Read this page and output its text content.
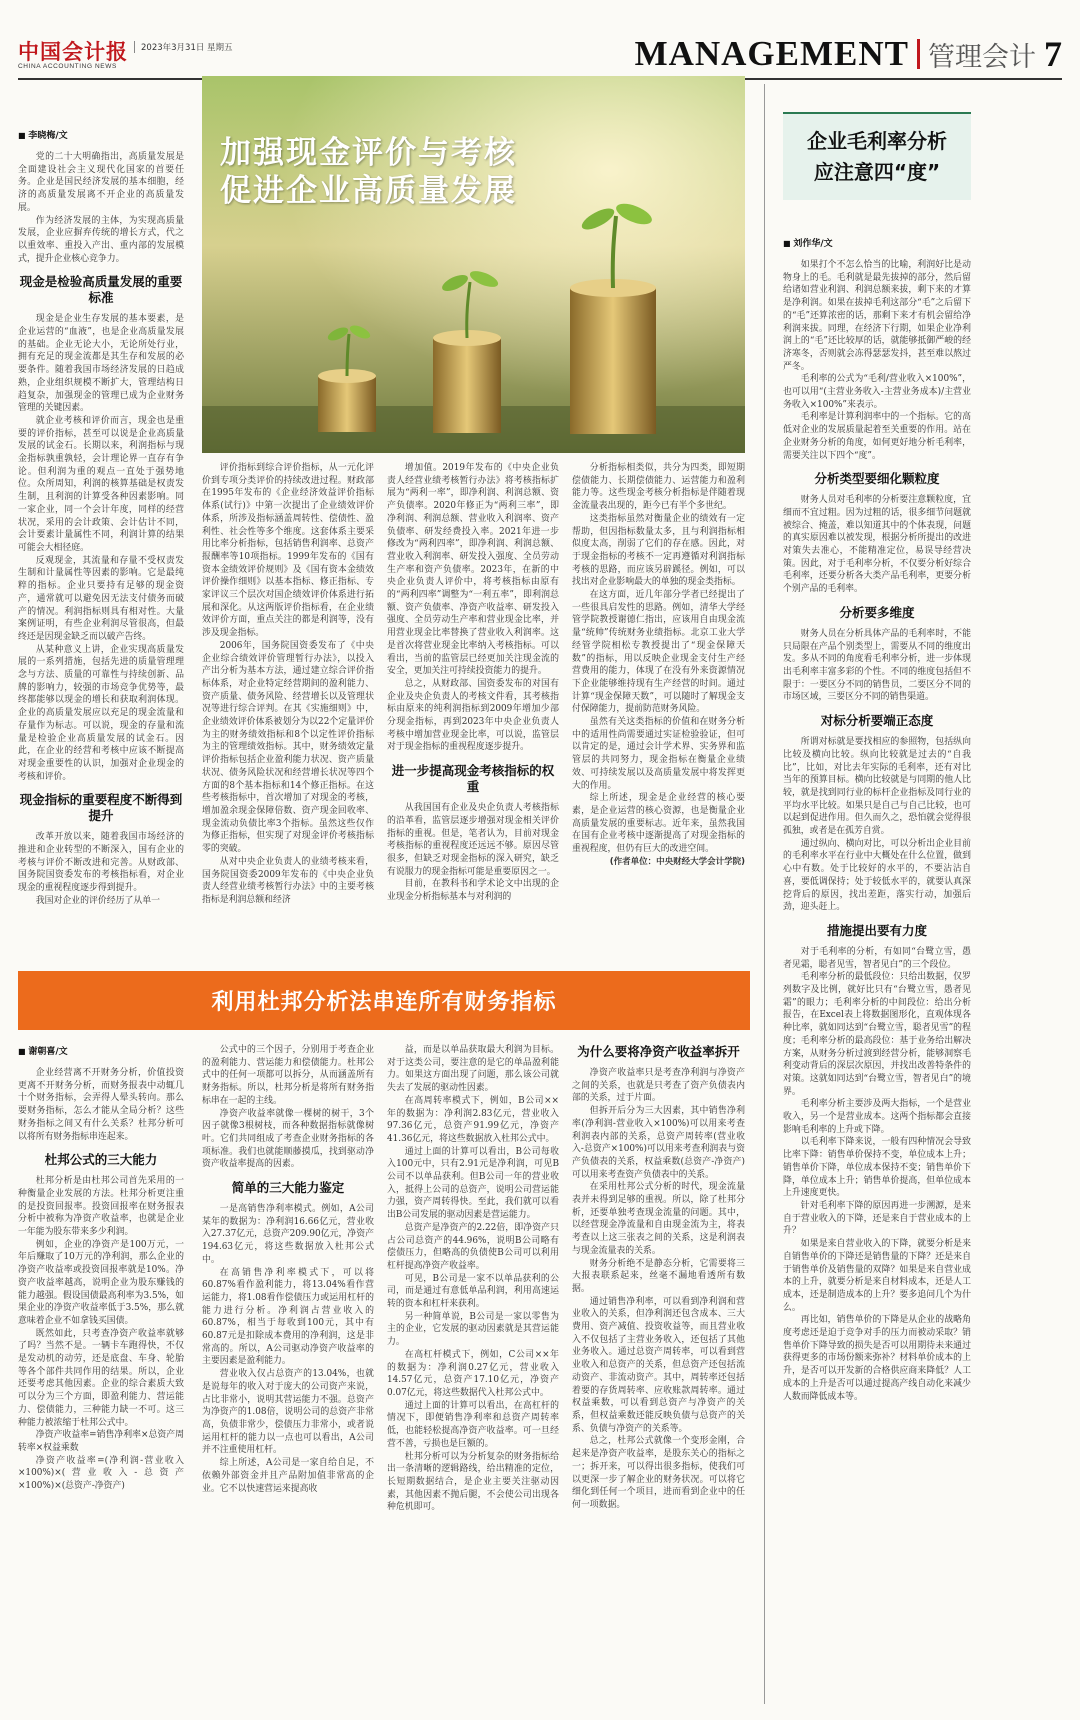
中国会计报
CHINA ACCOUNTING NEWS
2023年3月31日 星期五	MANAGEMENT 管理会计 7
加强现金评价与考核
促进企业高质量发展
■ 李晓梅/文

党的二十大明确指出，高质量发展是全面建设社会主义现代化国家的首要任务。企业是国民经济发展的基本细胞，经济的高质量发展离不开企业的高质量发展。

作为经济发展的主体，为实现高质量发展，企业应摒弃传统的增长方式，代之以重效率、重投入产出、重内部的发展模式，提升企业核心竞争力。

现金是检验高质量发展的重要标准

现金是企业生存发展的基本要素，是企业运营的“血液”，也是企业高质量发展的基础。企业无论大小，无论所处行业，拥有充足的现金流都是其生存和发展的必要条件。随着我国市场经济发展的日趋成熟，企业组织规模不断扩大，管理结构日趋复杂，加强现金的管理已成为企业财务管理的关键因素。

就企业考核和评价而言，现金也是重要的评价指标，甚至可以说是企业高质量发展的试金石。长期以来，利润指标与现金指标孰重孰轻，会计理论界一直存有争论。但利润为重的观点一直处于强势地位。众所周知，利润的核算基础是权责发生制，且利润的计算受各种因素影响。同一家企业，同一个会计年度，同样的经营状况，采用的会计政策、会计估计不同，会计要素计量属性不同，利润计算的结果可能会大相径庭。

反观现金，其流量和存量不受权责发生制和计量属性等因素的影响。它是最纯粹的指标。企业只要持有足够的现金资产，通常就可以避免因无法支付债务而破产的情况。利润指标则具有相对性。大量案例证明，有些企业利润尽管很高，但最终还是因现金缺乏而以破产告终。

从某种意义上讲，企业实现高质量发展的一系列措施，包括先进的质量管理理念与方法、质量的可靠性与持续创新、品牌的影响力，较强的市场竞争优势等，最终都能够以现金的增长和获取利润体现。企业的高质量发展应以充足的现金流量和存量作为标志。可以说，现金的存量和流量是检验企业高质量发展的试金石。因此，在企业的经营和考核中应该不断提高对现金重要性的认识，加强对企业现金的考核和评价。

现金指标的重要程度不断得到提升

改革开放以来，随着我国市场经济的推进和企业转型的不断深入，国有企业的考核与评价不断改进和完善。从财政部、国务院国资委发布的考核指标看，对企业现金的重视程度逐步得到提升。

我国对企业的评价经历了从单一

评价指标到综合评价指标，从一元化评价到专项分类评价的持续改进过程。财政部在1995年发布的《企业经济效益评价指标体系(试行)》中第一次提出了企业绩效评价体系，所涉及指标涵盖周转性、偿债性、盈利性、社会性等多个维度。这套体系主要采用比率分析指标，包括销售利润率、总资产报酬率等10项指标。1999年发布的《国有资本金绩效评价规则》及《国有资本金绩效评价操作细则》以基本指标、修正指标、专家评议三个层次对国企绩效评价体系进行拓展和深化。从这两版评价指标看，在企业绩效评价方面，重点关注的都是利润等，没有涉及现金指标。

2006年，国务院国资委发布了《中央企业综合绩效评价管理暂行办法》，以投入产出分析为基本方法，通过建立综合评价指标体系，对企业特定经营期间的盈利能力、资产质量、债务风险、经营增长以及管理状况等进行综合评判。在其《实施细则》中，企业绩效评价体系被划分为以22个定量评价为主的财务绩效指标和8个以定性评价指标为主的管理绩效指标。其中，财务绩效定量评价指标包括企业盈利能力状况、资产质量状况、债务风险状况和经营增长状况等四个方面的8个基本指标和14个修正指标。在这些考核指标中，首次增加了对现金的考核，增加盈余现金保障倍数、资产现金回收率、现金流动负债比率3个指标。虽然这些仅作为修正指标，但实现了对现金评价考核指标零的突破。

从对中央企业负责人的业绩考核来看，国务院国资委2009年发布的《中央企业负责人经营业绩考核暂行办法》中的主要考核指标是利润总额和经济

增加值。2019年发布的《中央企业负责人经营业绩考核暂行办法》将考核指标扩展为“两利一率”，即净利润、利润总额、资产负债率。2020年修正为“两利三率”，即净利润、利润总额、营业收入利润率、资产负债率、研发经费投入率。2021年进一步修改为“两利四率”，即净利润、利润总额、营业收入利润率、研发投入强度、全员劳动生产率和资产负债率。2023年，在新的中央企业负责人评价中，将考核指标由原有的“两利四率”调整为“一利五率”，即利润总额、资产负债率、净资产收益率、研发投入强度、全员劳动生产率和营业现金比率，并用营业现金比率替换了营业收入利润率。这是首次将营业现金比率纳入考核指标。可以看出，当前的监管层已经更加关注现金流的安全，更加关注可持续投资能力的提升。

总之，从财政部、国资委发布的对国有企业及央企负责人的考核文件看，其考核指标由原来的纯利润指标到2009年增加少部分现金指标，再到2023年中央企业负责人考核中增加营业现金比率，可以说，监管层对于现金指标的重视程度逐步提升。

进一步提高现金考核指标的权重

从我国国有企业及央企负责人考核指标的沿革看，监管层逐步增强对现金相关评价指标的重视。但是，笔者认为，目前对现金考核指标的重视程度还远远不够。原因尽管很多，但缺乏对现金指标的深入研究，缺乏有说服力的现金指标可能是重要原因之一。

目前，在教科书和学术论文中出现的企业现金分析指标基本与对利润的

分析指标相类似，共分为四类，即短期偿债能力、长期偿债能力、运营能力和盈利能力等。这些现金考核分析指标是伴随着现金流量表出现的，距今已有半个多世纪。

这类指标虽然对衡量企业的绩效有一定帮助，但因指标数量太多，且与利润指标相似度太高，削弱了它们的存在感。因此，对于现金指标的考核不一定再遵循对利润指标考核的思路，而应该另辟蹊径。例如，可以找出对企业影响最大的单独的现金类指标。

在这方面，近几年部分学者已经提出了一些很具启发性的思路。例如，清华大学经管学院教授谢德仁指出，应该用自由现金流量“统帅”传统财务业绩指标。北京工业大学经管学院相松专教授提出了“现金保障天数”的指标，用以反映企业现金支付生产经营费用的能力，体现了在没有外来资源情况下企业能够维持现有生产经营的时间。通过计算“现金保障天数”，可以随时了解现金支付保障能力，提前防范财务风险。

虽然有关这类指标的价值和在财务分析中的适用性尚需要通过实证检验验证，但可以肯定的是，通过会计学术界、实务界和监管层的共同努力，现金指标在衡量企业绩效、可持续发展以及高质量发展中将发挥更大的作用。

综上所述，现金是企业经营的核心要素，是企业运营的核心资源，也是衡量企业高质量发展的重要标志。近年来，虽然我国在国有企业考核中逐渐提高了对现金指标的重视程度，但仍有巨大的改进空间。

(作者单位：中央财经大学会计学院)

企业毛利率分析
应注意四“度”
■ 刘作华/文

如果打个不怎么恰当的比喻，利润好比是动物身上的毛。毛利就是最先拔掉的部分，然后留给诸如营业利润、利润总额来拔，剩下来的才算是净利润。如果在拔掉毛利这部分“毛”之后留下的“毛”还算浓密的话，那剩下来才有机会留给净利润来拔。同理，在经济下行期，如果企业净利润上的“毛”还比较厚的话，就能够抵御严峻的经济寒冬，否则就会冻得瑟瑟发抖，甚至难以熬过严冬。

毛利率的公式为“毛利/营业收入×100%”，也可以用“(主营业务收入-主营业务成本)/主营业务收入×100%”来表示。

毛利率是计算利润率中的一个指标。它的高低对企业的发展质量起着至关重要的作用。站在企业财务分析的角度，如何更好地分析毛利率，需要关注以下四个“度”。

分析类型要细化颗粒度

财务人员对毛利率的分析要注意颗粒度，宜细而不宜过粗。因为过粗的话，很多细节问题就被综合、掩盖，难以知道其中的个体表现，问题的真实原因难以被发现，根据分析所提出的改进对策失去准心，不能精准定位，易误导经营决策。因此，对于毛利率分析，不仅要分析好综合毛利率，还要分析各大类产品毛利率，更要分析个别产品的毛利率。

分析要多维度

财务人员在分析具体产品的毛利率时，不能只局限在产品个别类型上，需要从不同的维度出发。多从不同的角度看毛利率分析，进一步体现出毛利率丰富多彩的个性。不同的维度包括但不限于：一要区分不同的销售员，二要区分不同的市场区域，三要区分不同的销售渠道。

对标分析要端正态度

所谓对标就是要找相应的参照物，包括纵向比较及横向比较。纵向比较就是过去的“自我比”，比如，对比去年实际的毛利率，还有对比当年的预算目标。横向比较就是与同期的他人比较，就是找到同行业的标杆企业指标及同行业的平均水平比较。如果只是自己与自己比较，也可以起到促进作用。但久而久之，恐怕就会觉得很孤独，或者是在孤芳自赏。

通过纵向、横向对比，可以分析出企业目前的毛利率水平在行业中大概处在什么位置，做到心中有数。处于比较好的水平的，不要沾沾自喜，要低调保持；处于较低水平的，就要认真深挖背后的原因，找出差距，落实行动，加强后劲，迎头赶上。

措施提出要有力度

对于毛利率的分析，有如同“台鹭立雪，愚者见霜，聪者见雪，智者见白”的三个段位。

毛利率分析的最低段位：只给出数据，仅罗列数字及比例，就好比只有“台鹭立雪，愚者见霜”的眼力；毛利率分析的中间段位：给出分析报告，在Excel表上将数据图形化，直观体现各种比率，就如同达到“台鹭立雪，聪者见雪”的程度；毛利率分析的最高段位：基于业务给出解决方案，从财务分析过渡到经营分析，能够洞察毛利变动背后的深层次原因，并找出改善特条件的对策。这就如同达到“台鹭立雪，智者见白”的境界。

毛利率分析主要涉及两大指标，一个是营业收入，另一个是营业成本。这两个指标都会直接影响毛利率的上升或下降。

以毛利率下降来说，一般有四种情况会导致比率下降：销售单价保持不变，单位成本上升；销售单价下降，单位成本保持不变；销售单价下降，单位成本上升；销售单价提高，但单位成本上升速度更快。

针对毛利率下降的原因再进一步溯源，是来自于营业收入的下降，还是来自于营业成本的上升？

如果是来自营业收入的下降，就要分析是来自销售单价的下降还是销售量的下降？还是来自于销售单价及销售量的双降？如果是来自营业成本的上升，就要分析是来自材料成本，还是人工成本，还是制造成本的上升？要多追问几个为什么。

再比如，销售单价的下降是从企业的战略角度考虑还是迫于竞争对手的压力而被动采取？销售单价下降导致的损失是否可以用期待未来通过获得更多的市场份额来弥补？材料单价成本的上升，是否可以开发新的合格供应商来降低？人工成本的上升是否可以通过提高产线自动化来减少人数而降低成本等。

利用杜邦分析法串连所有财务指标
■ 谢朝喜/文

企业经营离不开财务分析，价值投资更离不开财务分析，而财务报表中动辄几十个财务指标，会弄得人晕头转向。那么要财务指标，怎么才能从全局分析？这些财务指标之间又有什么关系？杜邦分析可以将所有财务指标串连起来。

杜邦公式的三大能力

杜邦分析是由杜邦公司首先采用的一种衡量企业发展的方法。杜邦分析更注重的是投资回报率。投资回报率在财务报表分析中被称为净资产收益率，也就是企业一年能为股东带来多少利润。

例如，企业的净资产是100万元，一年后赚取了10万元的净利润，那么企业的净资产收益率或投资回报率就是10%。净资产收益率越高，说明企业为股东赚钱的能力越强。假设国债最高利率为3.5%，如果企业的净资产收益率低于3.5%，那么就意味着企业不如拿钱买国债。

既然如此，只考查净资产收益率就够了吗？当然不是。一辆卡车跑得快，不仅是发动机的动劳，还是底盘、车身、轮胎等各个部件共同作用的结果。所以，企业还要考虑其他因素。企业的综合素质大致可以分为三个方面，即盈利能力、营运能力、偿债能力，三种能力缺一不可。这三种能力被浓缩于杜邦公式中。

净资产收益率=销售净利率×总资产周转率×权益乘数

净资产收益率=(净利润-营业收入×100%)×(营业收入-总资产×100%)×(总资产-净资产)

公式中的三个因子，分别用于考查企业的盈利能力、营运能力和偿债能力。杜邦公式中的任何一项都可以拆分，从而涵盖所有财务指标。所以，杜邦分析是将所有财务指标串在一起的主线。

净资产收益率就像一棵树的树干，3个因子就像3根树枝，而各种数据指标就像树叶。它们共同组成了考查企业财务指标的各项标准。我们也就能顺藤摸瓜，找到驱动净资产收益率提高的因素。

简单的三大能力鉴定

一是高销售净利率模式。例如，A公司某年的数据为：净利润16.66亿元，营业收入27.37亿元，总资产209.90亿元，净资产194.63亿元，将这些数据放入杜邦公式中。

在高销售净利率模式下，可以将60.87%看作盈利能力，将13.04%看作营运能力，将1.08看作偿债压力或运用杠杆的能力进行分析。净利润占营业收入的60.87%，相当于每收到100元，其中有60.87元是扣除成本费用的净利润，这是非常高的。所以，A公司驱动净资产收益率的主要因素是盈利能力。

营业收入仅占总资产的13.04%，也就是说每年的收入对于庞大的公司资产来说，占比非常小，说明其营运能力不强。总资产为净资产的1.08倍，说明公司的总资产非常高，负债非常少，偿债压力非常小，或者说运用杠杆的能力以一点也可以看出，A公司并不注重使用杠杆。

综上所述，A公司是一家自给自足，不依赖外部资金并且产品附加值非常高的企业。它不以快速营运来提高收

益，而是以单品获取最大利润为目标。对于这类公司，要注意的是它的单品盈利能力。如果这方面出现了问题，那么该公司就失去了发展的驱动性因素。

在高周转率模式下，例如，B公司××年的数据为：净利润2.83亿元，营业收入97.36亿元，总资产91.99亿元，净资产41.36亿元，将这些数据放入杜邦公式中。

通过上面的计算可以看出，B公司每收入100元中，只有2.91元是净利润，可见B公司不以单品获利。但B公司一年的营业收入，抵得上公司的总资产，说明公司营运能力强，资产周转得快。至此，我们就可以看出B公司发展的驱动因素是营运能力。

总资产是净资产的2.22倍，即净资产只占公司总资产的44.96%，说明B公司略有偿债压力，但略高的负债使B公司可以利用杠杆提高净资产收益率。

可见，B公司是一家不以单品获利的公司，而是通过有意低单品利润，利用高速运转的资本和杠杆来获利。

另一种简单说，B公司是一家以零售为主的企业，它发展的驱动因素就是其营运能力。

在高杠杆模式下，例如，C公司××年的数据为：净利润0.27亿元，营业收入14.57亿元，总资产17.10亿元，净资产0.07亿元，将这些数据代入杜邦公式中。

通过上面的计算可以看出，在高杠杆的情况下，即便销售净利率和总资产周转率低，也能轻松提高净资产收益率。可一旦经营不善，亏损也是巨额的。

杜邦分析可以为分析复杂的财务指标给出一条清晰的逻辑路线，给出精准的定位，长短期数据结合，是企业主要关注驱动因素，其他因素不抛后腿，不会使公司出现各种危机即可。

为什么要将净资产收益率拆开

净资产收益率只是考查净利润与净资产之间的关系，也就是只考查了资产负债表内部的关系，过于片面。

但拆开后分为三大因素，其中销售净利率(净利润-营业收入×100%)可以用来考查利润表内部的关系，总资产周转率(营业收入-总资产×100%)可以用来考查利润表与资产负债表的关系，权益乘数(总资产-净资产)可以用来考查资产负债表中的关系。

在采用杜邦公式分析的时代，现金流量表并未得到足够的重视。所以，除了杜邦分析，还要单独考查现金流量的问题。其中，以经营现金净流量和自由现金流为主，将表考查以上这三张表之间的关系，这是利润表与现金流量表的关系。

财务分析绝不是静态分析，它需要将三大报表联系起来，丝毫不漏地看透所有数据。

通过销售净利率，可以看到净利润和营业收入的关系，但净利润还包含成本、三大费用、资产减值、投资收益等，而且营业收入不仅包括了主营业务收入，还包括了其他业务收入。通过总资产周转率，可以看到营业收入和总资产的关系，但总资产还包括流动资产、非流动资产。其中，周转率还包括着要的存货周转率、应收账款周转率。通过权益乘数，可以看到总资产与净资产的关系，但权益乘数还能反映负债与总资产的关系、负债与净资产的关系等。

总之，杜邦公式就像一个变形金刚，合起来是净资产收益率，是股东关心的指标之一；拆开来，可以得出很多指标，使我们可以更深一步了解企业的财务状况。可以将它细化到任何一个项目，进而看到企业中的任何一项数据。
